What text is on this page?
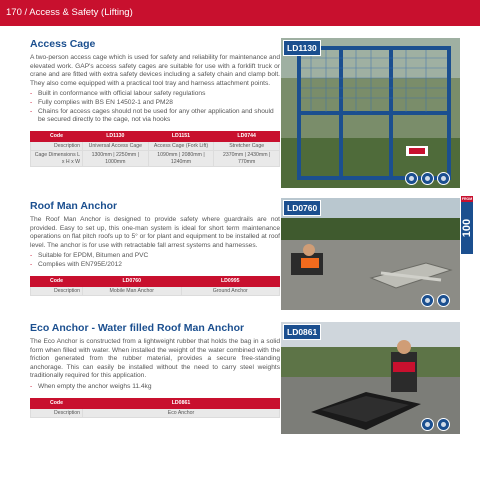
170 / Access & Safety (Lifting)
Access Cage

A two-person access cage which is used for safety and reliability for maintenance and elevated work. GAP's access safety cages are suitable for use with a forklift truck or crane and are fitted with extra safety devices including a safety chain and clamp bolt. They also come equipped with a practical tool tray and harness attachment points.

- Built in conformance with official labour safety regulations
- Fully complies with BS EN 14502-1 and PM28
- Chains for access cages should not be used for any other application and should be secured directly to the cage, not via hooks
Code	LD1130	LD1151	LD0744
Description	Universal Access Cage	Access Cage (Fork Lift)	Stretcher Cage
Cage Dimensions L x H x W	1300mm | 2250mm | 1000mm	1090mm | 2080mm | 1240mm	2370mm | 2430mm | 770mm
LD1130
Roof Man Anchor

The Roof Man Anchor is designed to provide safety where guardrails are not provided. Easy to set up, this one-man system is ideal for short term maintenance operations on flat pitch roofs up to 5° or for plant and equipment to be installed at roof level. The anchor is for use with retractable fall arrest systems and harnesses.

- Suitable for EPDM, Bitumen and PVC
- Complies with EN795E/2012
Code	LD0760	LD0995
Description	Mobile Man Anchor	Ground Anchor
LD0760
FROM
100
Eco Anchor - Water filled Roof Man Anchor

The Eco Anchor is constructed from a lightweight rubber that holds the bag in a solid form when filled with water. When installed the weight of the water combined with the friction generated from the rubber material, provides a secure free-standing anchorage. This can easily be installed without the need to carry steel weights traditionally required for this application.

- When empty the anchor weighs 11.4kg
Code	LD0861
Description	Eco Anchor
LD0861
